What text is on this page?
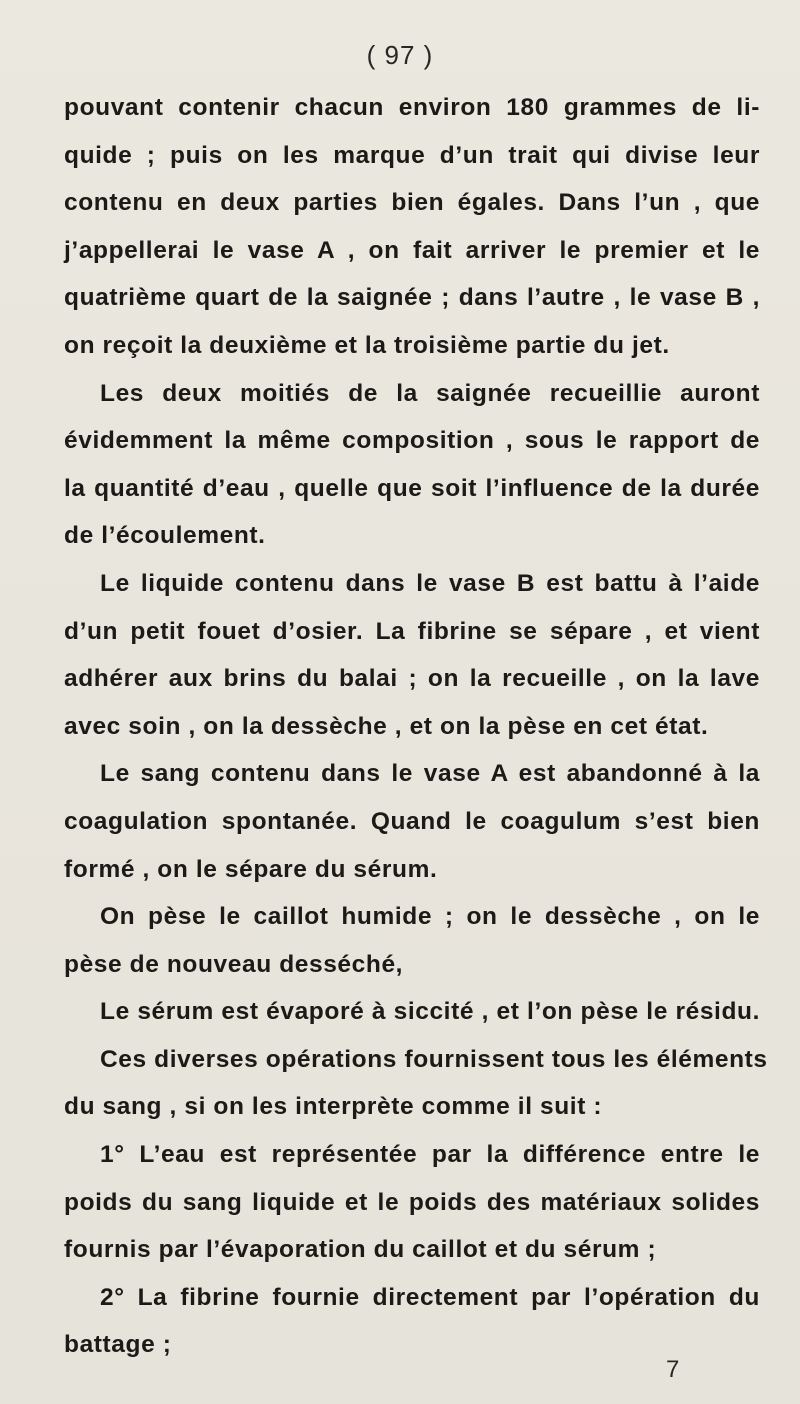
( 97 )
pouvant contenir chacun environ 180 grammes de li-
quide ; puis on les marque d’un trait qui divise leur
contenu en deux parties bien égales. Dans l’un , que
j’appellerai le vase A , on fait arriver le premier et le
quatrième quart de la saignée ; dans l’autre , le vase B ,
on reçoit la deuxième et la troisième partie du jet.
Les deux moitiés de la saignée recueillie auront
évidemment la même composition , sous le rapport de
la quantité d’eau , quelle que soit l’influence de la durée
de l’écoulement.
Le liquide contenu dans le vase B est battu à l’aide
d’un petit fouet d’osier. La fibrine se sépare , et vient
adhérer aux brins du balai ; on la recueille , on la lave
avec soin , on la dessèche , et on la pèse en cet état.
Le sang contenu dans le vase A est abandonné à la
coagulation spontanée. Quand le coagulum s’est bien
formé , on le sépare du sérum.
On pèse le caillot humide ; on le dessèche , on le
pèse de nouveau desséché,
Le sérum est évaporé à siccité , et l’on pèse le résidu.
Ces diverses opérations fournissent tous les éléments
du sang , si on les interprète comme il suit :
1° L’eau est représentée par la différence entre le
poids du sang liquide et le poids des matériaux solides
fournis par l’évaporation du caillot et du sérum ;
2° La fibrine fournie directement par l’opération du
battage ;
7
